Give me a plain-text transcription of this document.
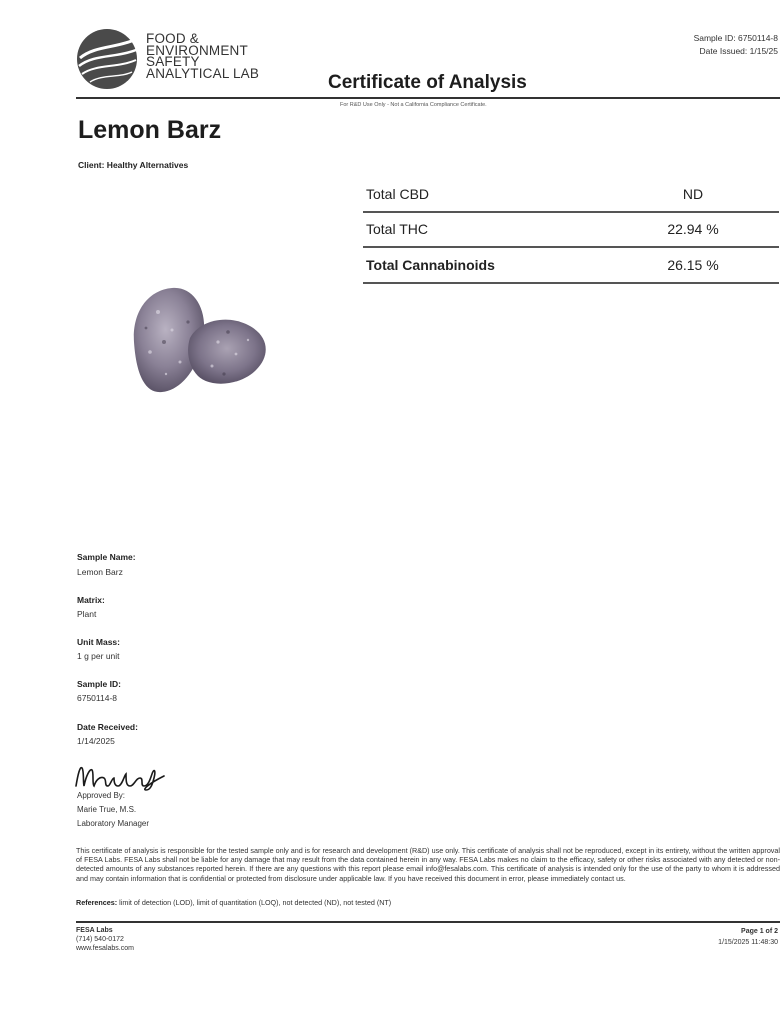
FOOD &
ENVIRONMENT
SAFETY
ANALYTICAL LAB
Sample ID: 6750114-8
Date Issued: 1/15/25
Certificate of Analysis
For R&D Use Only - Not a California Compliance Certificate.
Lemon Barz
Client: Healthy Alternatives
Total CBD	ND
Total THC	22.94 %
Total Cannabinoids	26.15 %
Sample Name:
Lemon Barz
Matrix:
Plant
Unit Mass:
1 g per unit
Sample ID:
6750114-8
Date Received:
1/14/2025
Approved By:
Marie True, M.S.
Laboratory Manager
This certificate of analysis is responsible for the tested sample only and is for research and development (R&D) use only. This certificate of analysis shall not be reproduced, except in its entirety, without the written approval of FESA Labs. FESA Labs shall not be liable for any damage that may result from the data contained herein in any way. FESA Labs makes no claim to the efficacy, safety or other risks associated with any detected or non-detected amounts of any substances reported herein. If there are any questions with this report please email info@fesalabs.com. This certificate of analysis is intended only for the use of the party to whom it is addressed and may contain information that is confidential or protected from disclosure under applicable law. If you have received this document in error, please immediately contact us.
References: limit of detection (LOD), limit of quantitation (LOQ), not detected (ND), not tested (NT)
FESA Labs
(714) 540-0172
www.fesalabs.com
Page 1 of 2
1/15/2025 11:48:30
